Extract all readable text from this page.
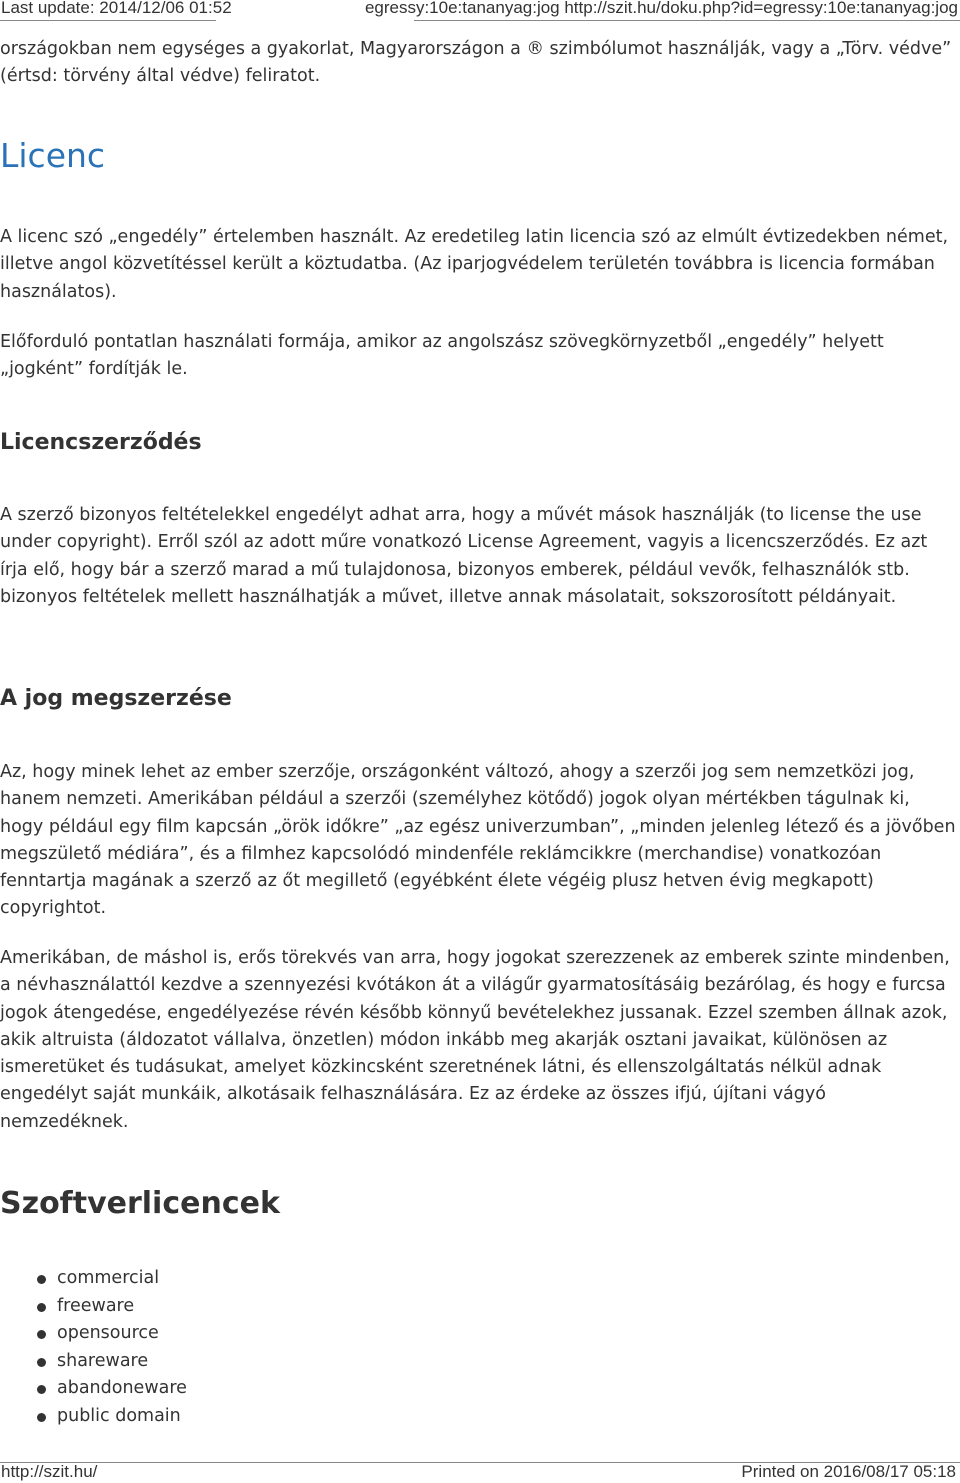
Last update: 2014/12/06 01:52	egressy:10e:tananyag:jog http://szit.hu/doku.php?id=egressy:10e:tananyag:jog

országokban nem egységes a gyakorlat, Magyarországon a ® szimbólumot használják, vagy a „Törv. védve” (értsd: törvény által védve) feliratot.

Licenc

A licenc szó „engedély” értelemben használt. Az eredetileg latin licencia szó az elmúlt évtizedekben német, illetve angol közvetítéssel került a köztudatba. (Az iparjogvédelem területén továbbra is licencia formában használatos).

Előforduló pontatlan használati formája, amikor az angolszász szövegkörnyzetből „engedély” helyett „jogként” fordítják le.

Licencszerződés

A szerző bizonyos feltételekkel engedélyt adhat arra, hogy a művét mások használják (to license the use under copyright). Erről szól az adott műre vonatkozó License Agreement, vagyis a licencszerződés. Ez azt írja elő, hogy bár a szerző marad a mű tulajdonosa, bizonyos emberek, például vevők, felhasználók stb. bizonyos feltételek mellett használhatják a művet, illetve annak másolatait, sokszorosított példányait.

A jog megszerzése

Az, hogy minek lehet az ember szerzője, országonként változó, ahogy a szerzői jog sem nemzetközi jog, hanem nemzeti. Amerikában például a szerzői (személyhez kötődő) jogok olyan mértékben tágulnak ki, hogy például egy film kapcsán „örök időkre” „az egész univerzumban”, „minden jelenleg létező és a jövőben megszülető médiára”, és a filmhez kapcsolódó mindenféle reklámcikkre (merchandise) vonatkozóan fenntartja magának a szerző az őt megillető (egyébként élete végéig plusz hetven évig megkapott) copyrightot.

Amerikában, de máshol is, erős törekvés van arra, hogy jogokat szerezzenek az emberek szinte mindenben, a névhasználattól kezdve a szennyezési kvótákon át a világűr gyarmatosításáig bezárólag, és hogy e furcsa jogok átengedése, engedélyezése révén később könnyű bevételekhez jussanak. Ezzel szemben állnak azok, akik altruista (áldozatot vállalva, önzetlen) módon inkább meg akarják osztani javaikat, különösen az ismeretüket és tudásukat, amelyet közkincsként szeretnének látni, és ellenszolgáltatás nélkül adnak engedélyt saját munkáik, alkotásaik felhasználására. Ez az érdeke az összes ifjú, újítani vágyó nemzedéknek.

Szoftverlicencek
commercial
freeware
opensource
shareware
abandoneware
public domain
http://szit.hu/	Printed on 2016/08/17 05:18
